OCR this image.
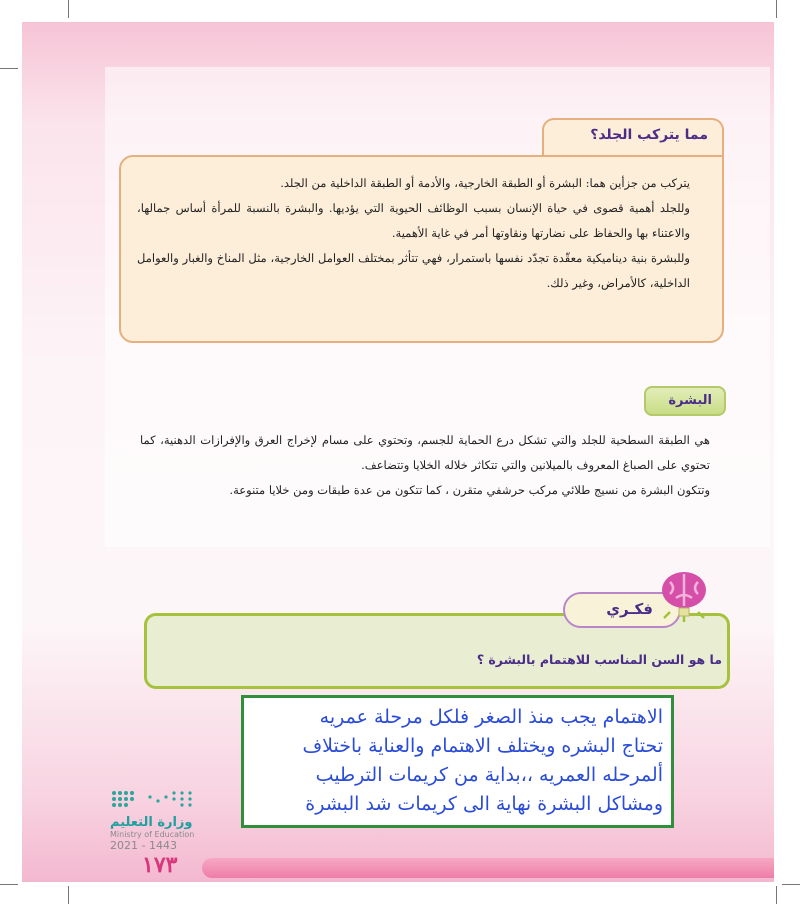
مما يتركب الجلد؟

يتركب من جزأين هما: البشرة أو الطبقة الخارجية، والأدمة أو الطبقة الداخلية من الجلد.

وللجلد أهمية قصوى في حياة الإنسان بسبب الوظائف الحيوية التي يؤديها. والبشرة بالنسبة للمرأة أساس جمالها، والاعتناء بها والحفاظ على نضارتها ونقاوتها أمر في غاية الأهمية.

وللبشرة بنية ديناميكية معقّدة تجدّد نفسها باستمرار، فهي تتأثر بمختلف العوامل الخارجية، مثل المناخ والغبار والعوامل الداخلية، كالأمراض، وغير ذلك.

البشرة

هي الطبقة السطحية للجلد والتي تشكل درع الحماية للجسم، وتحتوي على مسام لإخراج العرق والإفرازات الدهنية، كما تحتوي على الصباغ المعروف بالميلانين والتي تتكاثر خلاله الخلايا وتتضاعف.

وتتكون البشرة من نسيج طلائي مركب حرشفي متقرن ، كما تتكون من عدة طبقات ومن خلايا متنوعة.

فكـري
ما هو السن المناسب للاهتمام بالبشرة ؟
الاهتمام يجب منذ الصغر فلكل مرحلة عمريه
تحتاج البشره ويختلف الاهتمام والعناية باختلاف
ألمرحله العمريه ،،بداية من كريمات الترطيب
ومشاكل البشرة نهاية الى كريمات شد البشرة
وزارة التعليم
Ministry of Education
2021 - 1443
١٧٣
